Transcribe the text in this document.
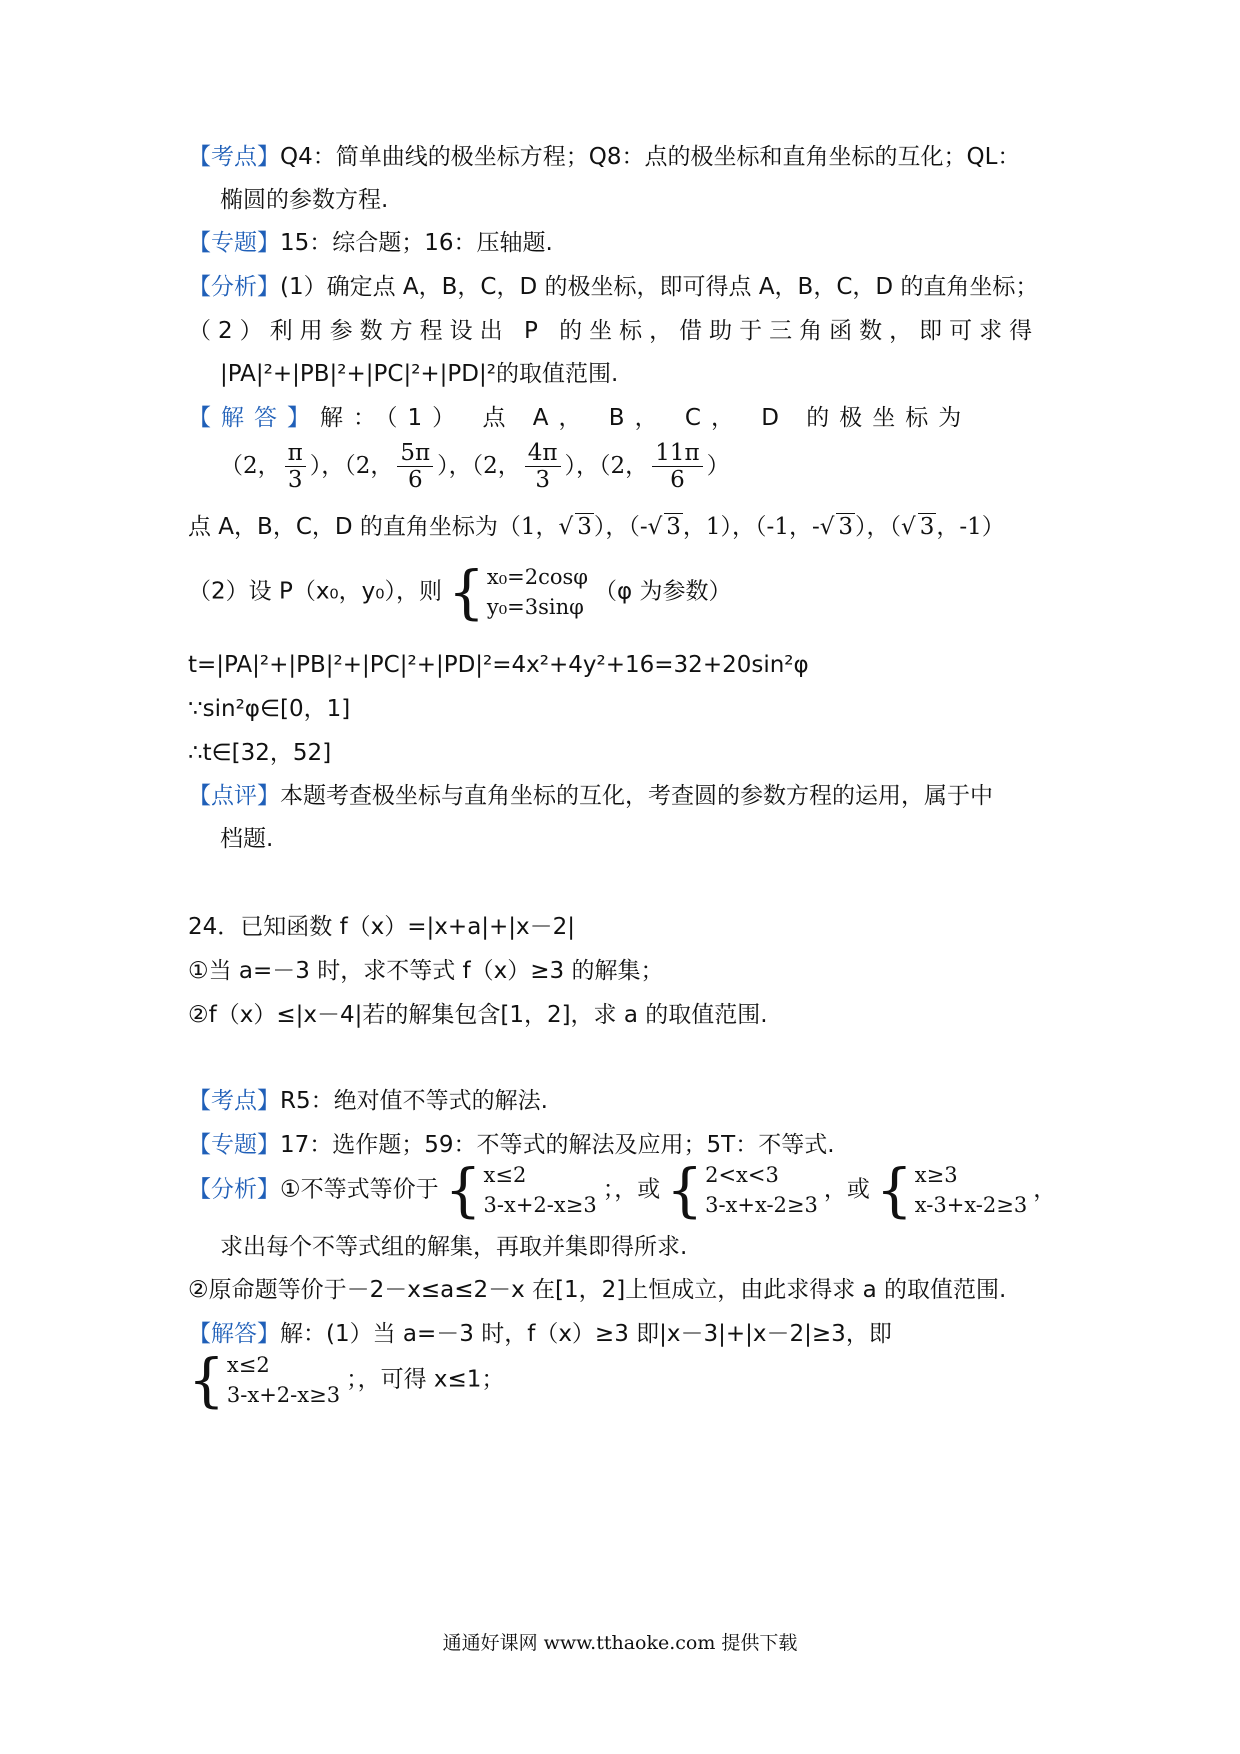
【考点】Q4：简单曲线的极坐标方程；Q8：点的极坐标和直角坐标的互化；QL：
椭圆的参数方程.
【专题】15：综合题；16：压轴题.
【分析】(1）确定点 A，B，C，D 的极坐标，即可得点 A，B，C，D 的直角坐标；
（2）利用参数方程设出 P 的坐标，借助于三角函数，即可求得
|PA|²+|PB|²+|PC|²+|PD|²的取值范围.
【解答】解：（1） 点 A， B， C， D 的极坐标为
（2， $\frac{\pi}{3}$ ），（2， $\frac{5\pi}{6}$ ），（2， $\frac{4\pi}{3}$ ），（2， $\frac{11\pi}{6}$ ）
点 A，B，C，D 的直角坐标为（1，√ 3），（-√ 3，1），（-1，-√ 3），（√ 3，-1）
（2）设 P（x₀，y₀），则 { x₀=2cosφ
y₀=3sinφ
（φ 为参数）
t=|PA|²+|PB|²+|PC|²+|PD|²=4x²+4y²+16=32+20sin²φ
∵sin²φ∈[0，1]
∴t∈[32，52]
【点评】本题考查极坐标与直角坐标的互化，考查圆的参数方程的运用，属于中
档题.
24．已知函数 f（x）=|x+a|+|x－2|
①当 a=－3 时，求不等式 f（x）≥3 的解集；
②f（x）≤|x－4|若的解集包含[1，2]，求 a 的取值范围.
【考点】R5：绝对值不等式的解法.
【专题】17：选作题；59：不等式的解法及应用；5T：不等式.
【分析】①不等式等价于 { x≤2
3-x+2-x≥3
；，或 { 2<x<3
3-x+x-2≥3
，或 { x≥3
x-3+x-2≥3
，
求出每个不等式组的解集，再取并集即得所求.
②原命题等价于－2－x≤a≤2－x 在[1，2]上恒成立，由此求得求 a 的取值范围.
【解答】解：(1）当 a=－3 时，f（x）≥3 即|x－3|+|x－2|≥3，即
{ x≤2
3-x+2-x≥3
；，可得 x≤1；
通通好课网 www.tthaoke.com 提供下载
